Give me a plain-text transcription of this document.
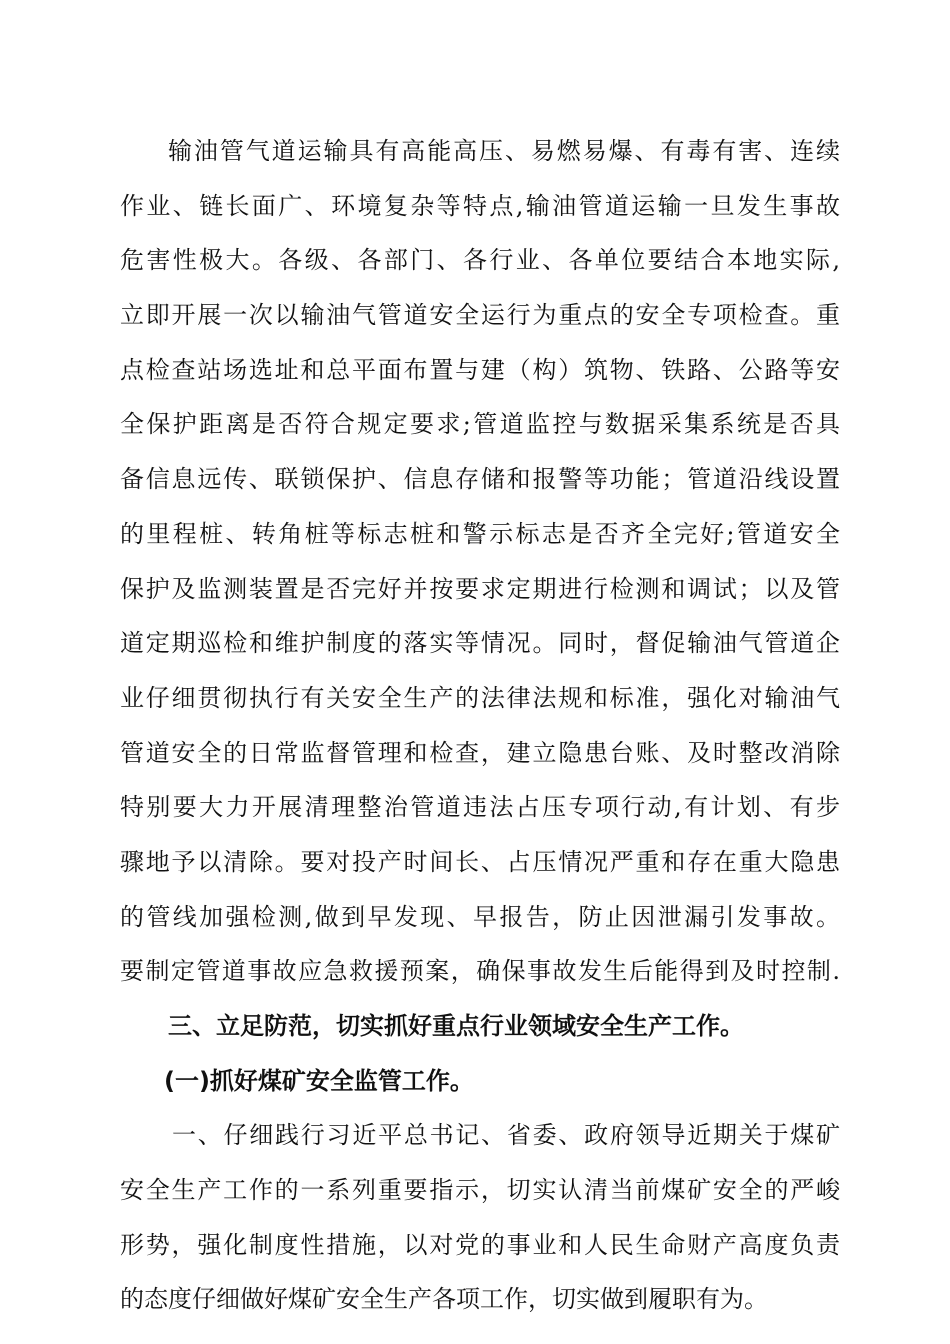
输油管气道运输具有高能高压、易燃易爆、有毒有害、连续
作业、链长面广、环境复杂等特点,输油管道运输一旦发生事故
危害性极大。各级、各部门、各行业、各单位要结合本地实际,
立即开展一次以输油气管道安全运行为重点的安全专项检查。重
点检查站场选址和总平面布置与建（构）筑物、铁路、公路等安
全保护距离是否符合规定要求;管道监控与数据采集系统是否具
备信息远传、联锁保护、信息存储和报警等功能；管道沿线设置
的里程桩、转角桩等标志桩和警示标志是否齐全完好;管道安全
保护及监测装置是否完好并按要求定期进行检测和调试；以及管
道定期巡检和维护制度的落实等情况。同时，督促输油气管道企
业仔细贯彻执行有关安全生产的法律法规和标准，强化对输油气
管道安全的日常监督管理和检查，建立隐患台账、及时整改消除
特别要大力开展清理整治管道违法占压专项行动,有计划、有步
骤地予以清除。要对投产时间长、占压情况严重和存在重大隐患
的管线加强检测,做到早发现、早报告，防止因泄漏引发事故。
要制定管道事故应急救援预案，确保事故发生后能得到及时控制.
三、立足防范，切实抓好重点行业领域安全生产工作。
(一)抓好煤矿安全监管工作。
一、仔细践行习近平总书记、省委、政府领导近期关于煤矿
安全生产工作的一系列重要指示，切实认清当前煤矿安全的严峻
形势，强化制度性措施，以对党的事业和人民生命财产高度负责
的态度仔细做好煤矿安全生产各项工作，切实做到履职有为。
